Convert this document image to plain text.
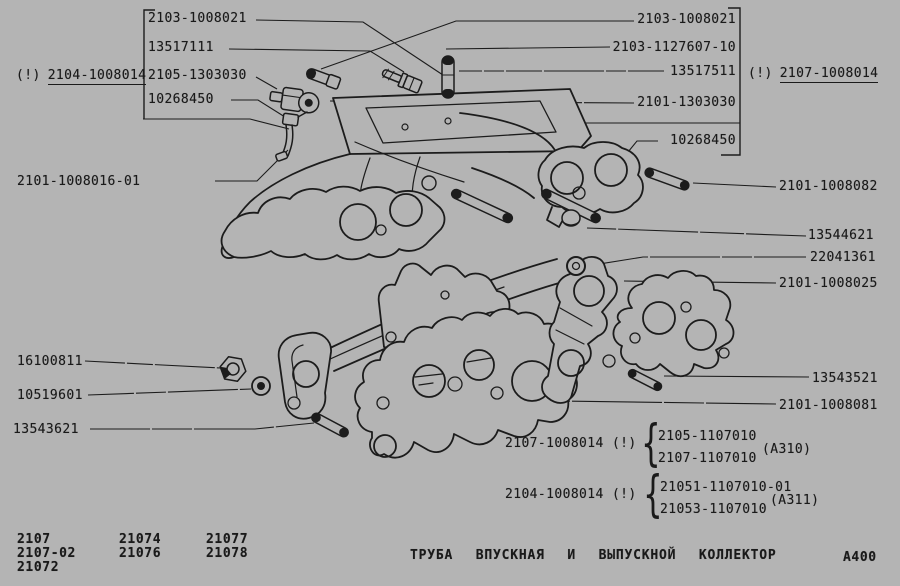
2103-1008021
13517111
2105-1303030
10268450
(!) 2104-1008014
2103-1008021
2103-1127607-10
13517511
2101-1303030
10268450
(!) 2107-1008014
2101-1008082
13544621
22041361
2101-1008025
13543521
2101-1008081
2101-1008016-01
16100811
10519601
13543621
2107-1008014 (!) {
2105-1107010
2107-1107010
(A310)
2104-1008014 (!) {
21051-1107010-01
21053-1107010
(A311)
2107
2107-02
21072
21074
21076
21077
21078	ТРУБА ВПУСКНАЯ И ВЫПУСКНОЙ КОЛЛЕКТОР	A400
